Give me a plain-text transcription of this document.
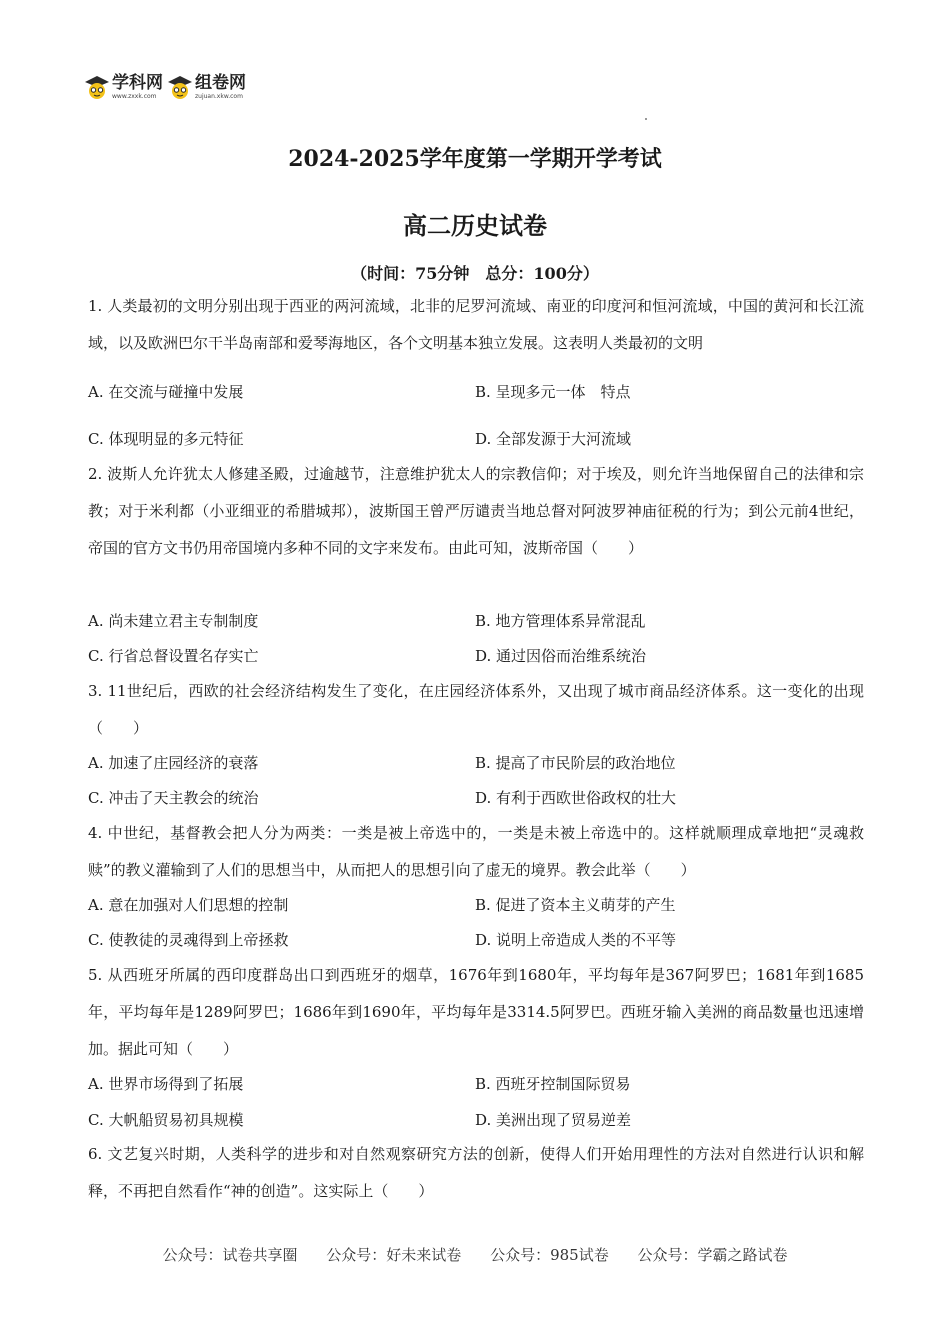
学科网
www.zxxk.com
组卷网
zujuan.xkw.com
2024-2025学年度第一学期开学考试
高二历史试卷
（时间：75分钟　总分：100分）
1. 人类最初的文明分别出现于西亚的两河流域，北非的尼罗河流域、南亚的印度河和恒河流域，中国的黄河和长江流域，以及欧洲巴尔干半岛南部和爱琴海地区，各个文明基本独立发展。这表明人类最初的文明
A. 在交流与碰撞中发展	B. 呈现多元一体　特点
C. 体现明显的多元特征	D. 全部发源于大河流域
2. 波斯人允许犹太人修建圣殿，过逾越节，注意维护犹太人的宗教信仰；对于埃及，则允许当地保留自己的法律和宗教；对于米利都（小亚细亚的希腊城邦），波斯国王曾严厉谴责当地总督对阿波罗神庙征税的行为；到公元前4世纪，帝国的官方文书仍用帝国境内多种不同的文字来发布。由此可知，波斯帝国（　　）
A. 尚未建立君主专制制度	B. 地方管理体系异常混乱
C. 行省总督设置名存实亡	D. 通过因俗而治维系统治
3. 11世纪后，西欧的社会经济结构发生了变化，在庄园经济体系外，又出现了城市商品经济体系。这一变化的出现（　　）
A. 加速了庄园经济的衰落	B. 提高了市民阶层的政治地位
C. 冲击了天主教会的统治	D. 有利于西欧世俗政权的壮大
4. 中世纪，基督教会把人分为两类：一类是被上帝选中的，一类是未被上帝选中的。这样就顺理成章地把“灵魂救赎”的教义灌输到了人们的思想当中，从而把人的思想引向了虚无的境界。教会此举（　　）
A. 意在加强对人们思想的控制	B. 促进了资本主义萌芽的产生
C. 使教徒的灵魂得到上帝拯救	D. 说明上帝造成人类的不平等
5. 从西班牙所属的西印度群岛出口到西班牙的烟草，1676年到1680年，平均每年是367阿罗巴；1681年到1685年，平均每年是1289阿罗巴；1686年到1690年，平均每年是3314.5阿罗巴。西班牙输入美洲的商品数量也迅速增加。据此可知（　　）
A. 世界市场得到了拓展	B. 西班牙控制国际贸易
C. 大帆船贸易初具规模	D. 美洲出现了贸易逆差
6. 文艺复兴时期，人类科学的进步和对自然观察研究方法的创新，使得人们开始用理性的方法对自然进行认识和解释，不再把自然看作“神的创造”。这实际上（　　）
公众号：试卷共享圈 公众号：好未来试卷 公众号：985试卷 公众号：学霸之路试卷
